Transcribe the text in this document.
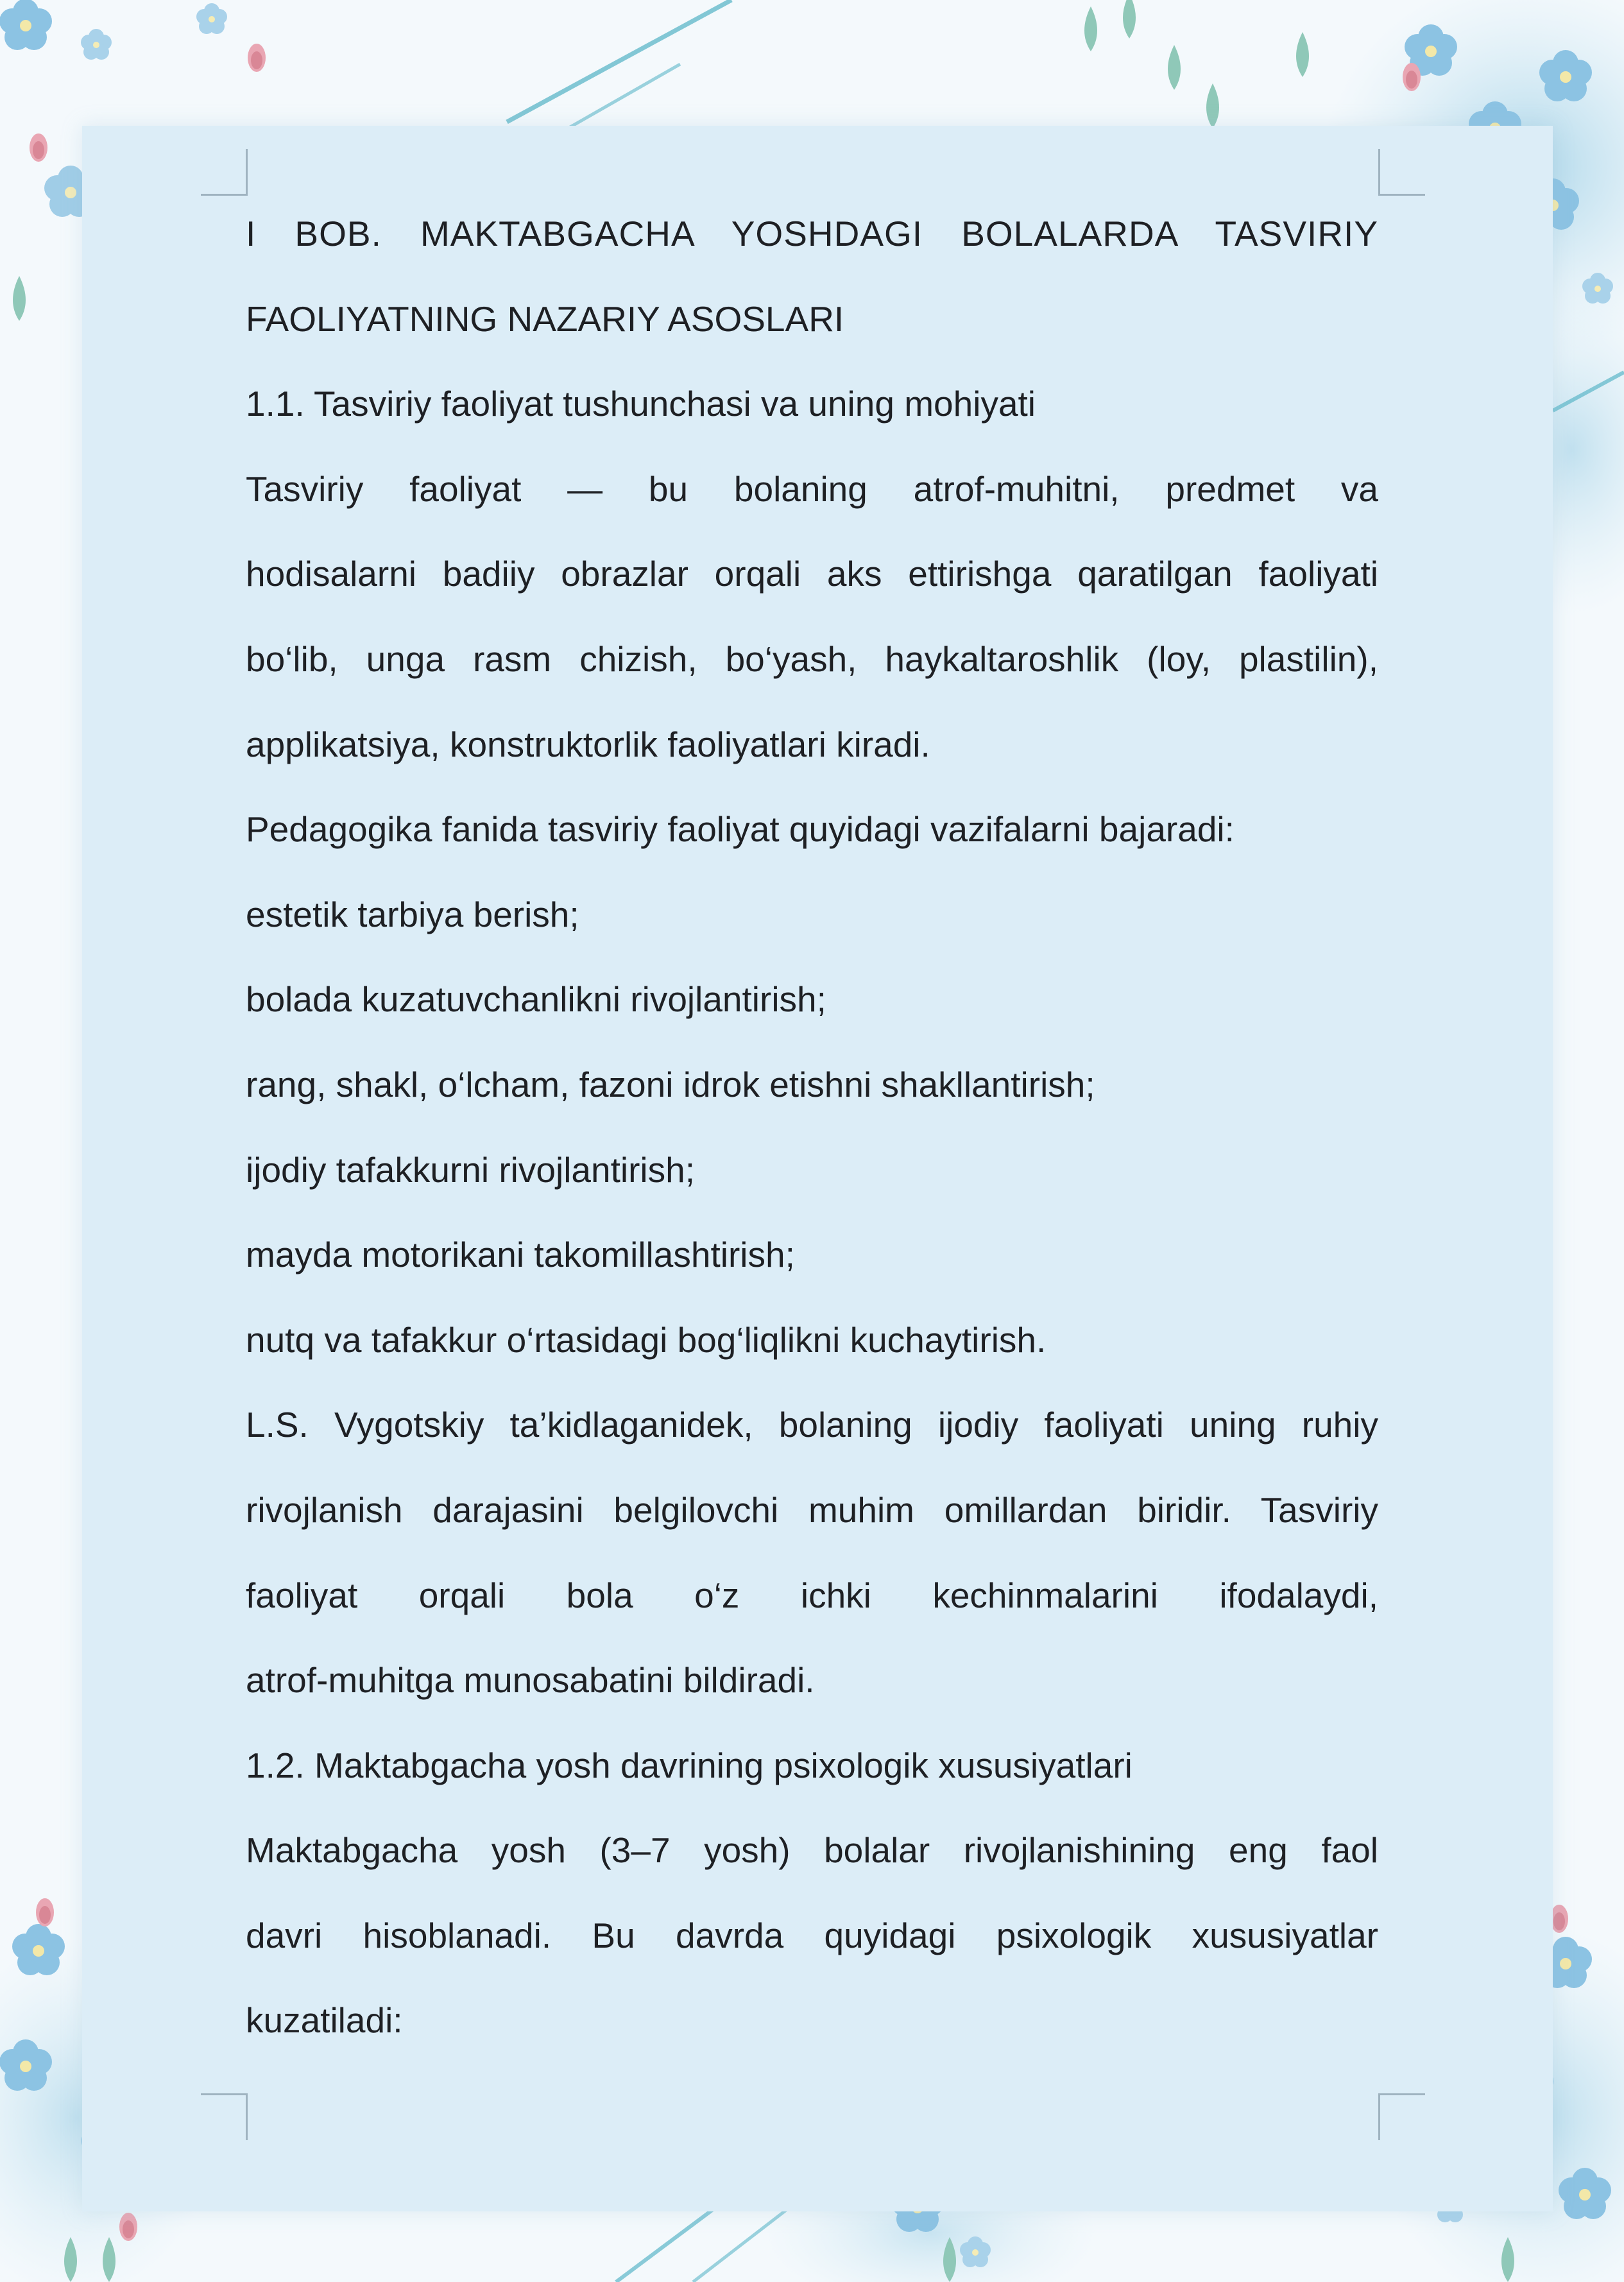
I BOB. MAKTABGACHA YOSHDAGI BOLALARDA TASVIRIY
FAOLIYATNING NAZARIY ASOSLARI
1.1. Tasviriy faoliyat tushunchasi va uning mohiyati
Tasviriy faoliyat — bu bolaning atrof-muhitni, predmet va
hodisalarni badiiy obrazlar orqali aks ettirishga qaratilgan faoliyati
bo‘lib, unga rasm chizish, bo‘yash, haykaltaroshlik (loy, plastilin),
applikatsiya, konstruktorlik faoliyatlari kiradi.
Pedagogika fanida tasviriy faoliyat quyidagi vazifalarni bajaradi:
estetik tarbiya berish;
bolada kuzatuvchanlikni rivojlantirish;
rang, shakl, o‘lcham, fazoni idrok etishni shakllantirish;
ijodiy tafakkurni rivojlantirish;
mayda motorikani takomillashtirish;
nutq va tafakkur o‘rtasidagi bog‘liqlikni kuchaytirish.
L.S. Vygotskiy ta’kidlaganidek, bolaning ijodiy faoliyati uning ruhiy
rivojlanish darajasini belgilovchi muhim omillardan biridir. Tasviriy
faoliyat orqali bola o‘z ichki kechinmalarini ifodalaydi,
atrof-muhitga munosabatini bildiradi.
1.2. Maktabgacha yosh davrining psixologik xususiyatlari
Maktabgacha yosh (3–7 yosh) bolalar rivojlanishining eng faol
davri hisoblanadi. Bu davrda quyidagi psixologik xususiyatlar
kuzatiladi:
